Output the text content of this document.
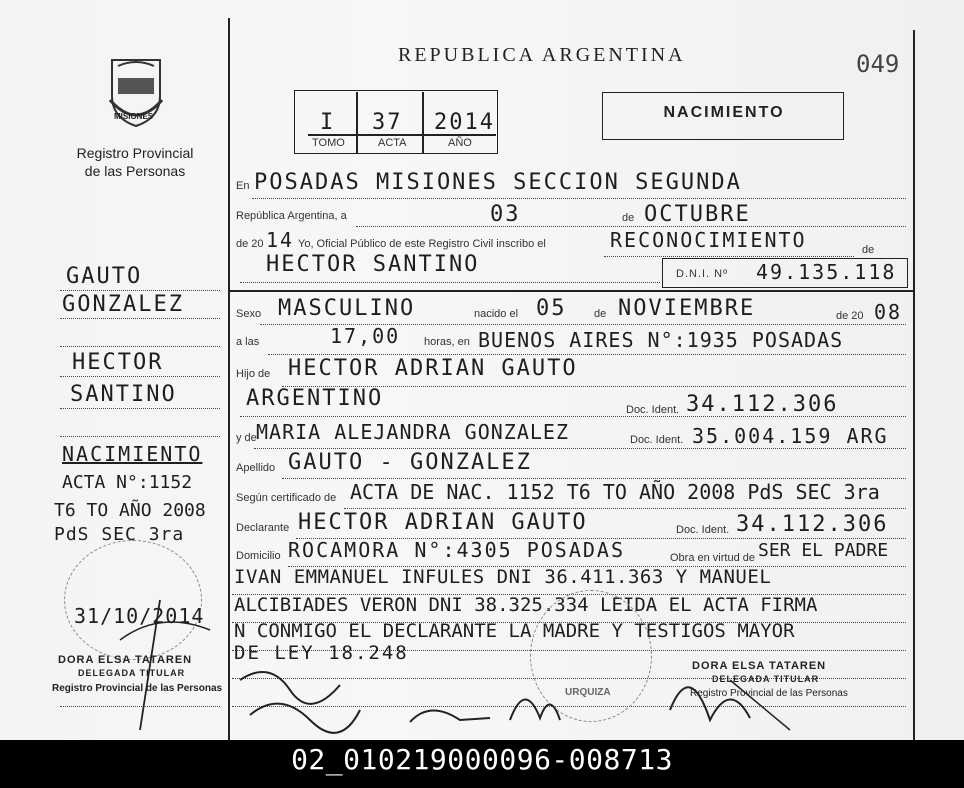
MISIONES
Registro Provincial
de las Personas
REPUBLICA ARGENTINA	049
I 37 2014
TOMO	ACTA	AÑO
NACIMIENTO
En POSADAS MISIONES SECCION SEGUNDA
República Argentina, a	03	de OCTUBRE
de 20 14 Yo, Oficial Público de este Registro Civil inscribo el	RECONOCIMIENTO	de
HECTOR SANTINO	D.N.I. Nº 49.135.118
Sexo MASCULINO	nacido el 05	de NOVIEMBRE	de 20 08
a las	17,00 horas, en BUENOS AIRES N°:1935 POSADAS
Hijo de HECTOR ADRIAN GAUTO
ARGENTINO	Doc. Ident. 34.112.306
y de MARIA ALEJANDRA GONZALEZ	Doc. Ident. 35.004.159 ARG
Apellido GAUTO - GONZALEZ
Según certificado de ACTA DE NAC. 1152 T6 TO AÑO 2008 PdS SEC 3ra
Declarante HECTOR ADRIAN GAUTO	Doc. Ident. 34.112.306
Domicilio ROCAMORA N°:4305 POSADAS	Obra en virtud de SER EL PADRE
IVAN EMMANUEL INFULES DNI 36.411.363 Y MANUEL
ALCIBIADES VERON DNI 38.325.334 LEIDA EL ACTA FIRMA
N CONMIGO EL DECLARANTE LA MADRE Y TESTIGOS MAYOR
DE LEY 18.248
DORA ELSA TATAREN
DELEGADA TITULAR
Registro Provincial de las Personas
URQUIZA
GAUTO
GONZALEZ
HECTOR
SANTINO
NACIMIENTO
ACTA N°:1152
T6 TO AÑO 2008
PdS SEC 3ra
31/10/2014
DORA ELSA TATAREN
DELEGADA TITULAR
Registro Provincial de las Personas
02_010219000096-008713
